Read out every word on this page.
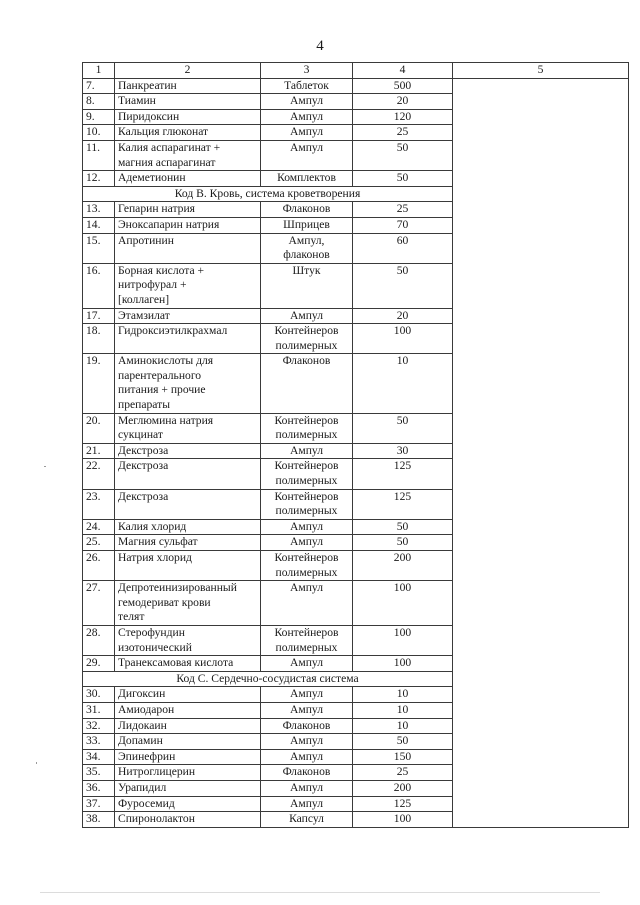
4
1	2	3	4	5
7.	Панкреатин	Таблеток	500	
8.	Тиамин	Ампул	20	
9.	Пиридоксин	Ампул	120	
10.	Кальция глюконат	Ампул	25	
11.	Калия аспарагинат +
магния аспарагинат	Ампул	50	
12.	Адеметионин	Комплектов	50	
Код В. Кровь, система кроветворения				
13.	Гепарин натрия	Флаконов	25	
14.	Эноксапарин натрия	Шприцев	70	
15.	Апротинин	Ампул,
флаконов	60	
16.	Борная кислота +
нитрофурал +
[коллаген]	Штук	50	
17.	Этамзилат	Ампул	20	
18.	Гидроксиэтилкрахмал	Контейнеров
полимерных	100	
19.	Аминокислоты для
парентерального
питания + прочие
препараты	Флаконов	10	
20.	Меглюмина натрия
сукцинат	Контейнеров
полимерных	50	
21.	Декстроза	Ампул	30	
22.	Декстроза	Контейнеров
полимерных	125	
23.	Декстроза	Контейнеров
полимерных	125	
24.	Калия хлорид	Ампул	50	
25.	Магния сульфат	Ампул	50	
26.	Натрия хлорид	Контейнеров
полимерных	200	
27.	Депротеинизированный
гемодериват крови
телят	Ампул	100	
28.	Стерофундин
изотонический	Контейнеров
полимерных	100	
29.	Транексамовая кислота	Ампул	100	
Код С. Сердечно-сосудистая система				
30.	Дигоксин	Ампул	10	
31.	Амиодарон	Ампул	10	
32.	Лидокаин	Флаконов	10	
33.	Допамин	Ампул	50	
34.	Эпинефрин	Ампул	150	
35.	Нитроглицерин	Флаконов	25	
36.	Урапидил	Ампул	200	
37.	Фуросемид	Ампул	125	
38.	Спиронолактон	Капсул	100	
